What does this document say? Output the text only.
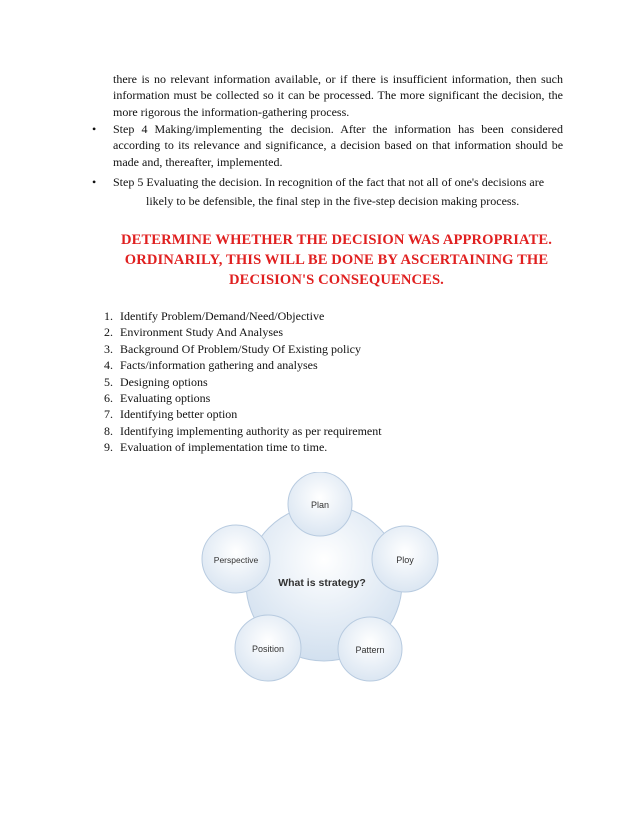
there is no relevant information available, or if there is insufficient information, then such information must be collected so it can be processed. The more significant the decision, the more rigorous the information-gathering process.
• Step 4 Making/implementing the decision. After the information has been considered according to its relevance and significance, a decision based on that information should be made and, thereafter, implemented.
• Step 5 Evaluating the decision. In recognition of the fact that not all of one's decisions are
likely to be defensible, the final step in the five-step decision making process.
DETERMINE WHETHER THE DECISION WAS APPROPRIATE.
ORDINARILY, THIS WILL BE DONE BY ASCERTAINING THE
DECISION'S CONSEQUENCES.
1. Identify Problem/Demand/Need/Objective
2. Environment Study And Analyses
3. Background Of Problem/Study Of Existing policy
4. Facts/information gathering and analyses
5. Designing options
6. Evaluating options
7. Identifying better option
8. Identifying implementing authority as per requirement
9. Evaluation of implementation time to time.
What is strategy?
Plan
Ploy
Pattern
Position
Perspective
